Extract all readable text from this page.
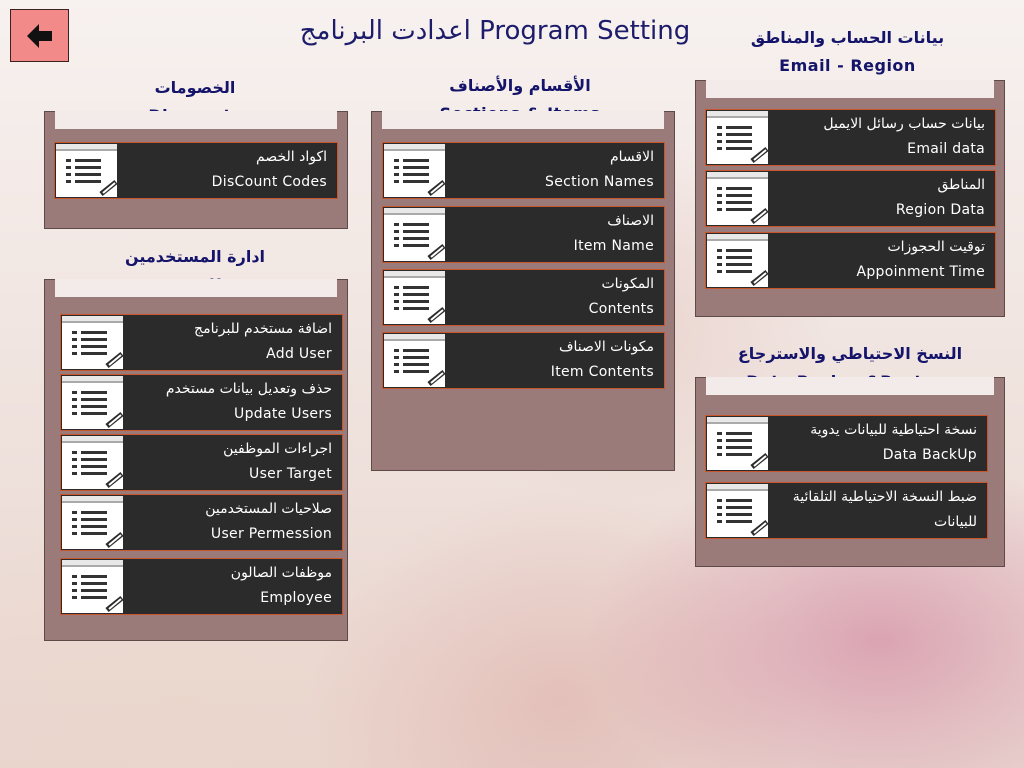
اعدادت البرنامج Program Setting
الخصومات
اكواد الخصم
DisCount Codes
ادارة المستخدمين
اضافة مستخدم للبرنامج
Add User
حذف وتعديل بيانات مستخدم
Update Users
اجراءات الموظفين
User Target
صلاحيات المستخدمين
User Permession
موظفات الصالون
Employee
الأقسام والأصناف
الاقسام
Section Names
الاصناف
Item Name
المكونات
Contents
مكونات الاصناف
Item Contents
بيانات الحساب والمناطق
Email - Region
بيانات حساب رسائل الايميل
Email data
المناطق
Region Data
توقيت الحجوزات
Appoinment Time
النسخ الاحتياطي والاسترجاع
نسخة احتياطية للبيانات يدوية
Data BackUp
ضبط النسخة الاحتياطية التلقائية
للبيانات
